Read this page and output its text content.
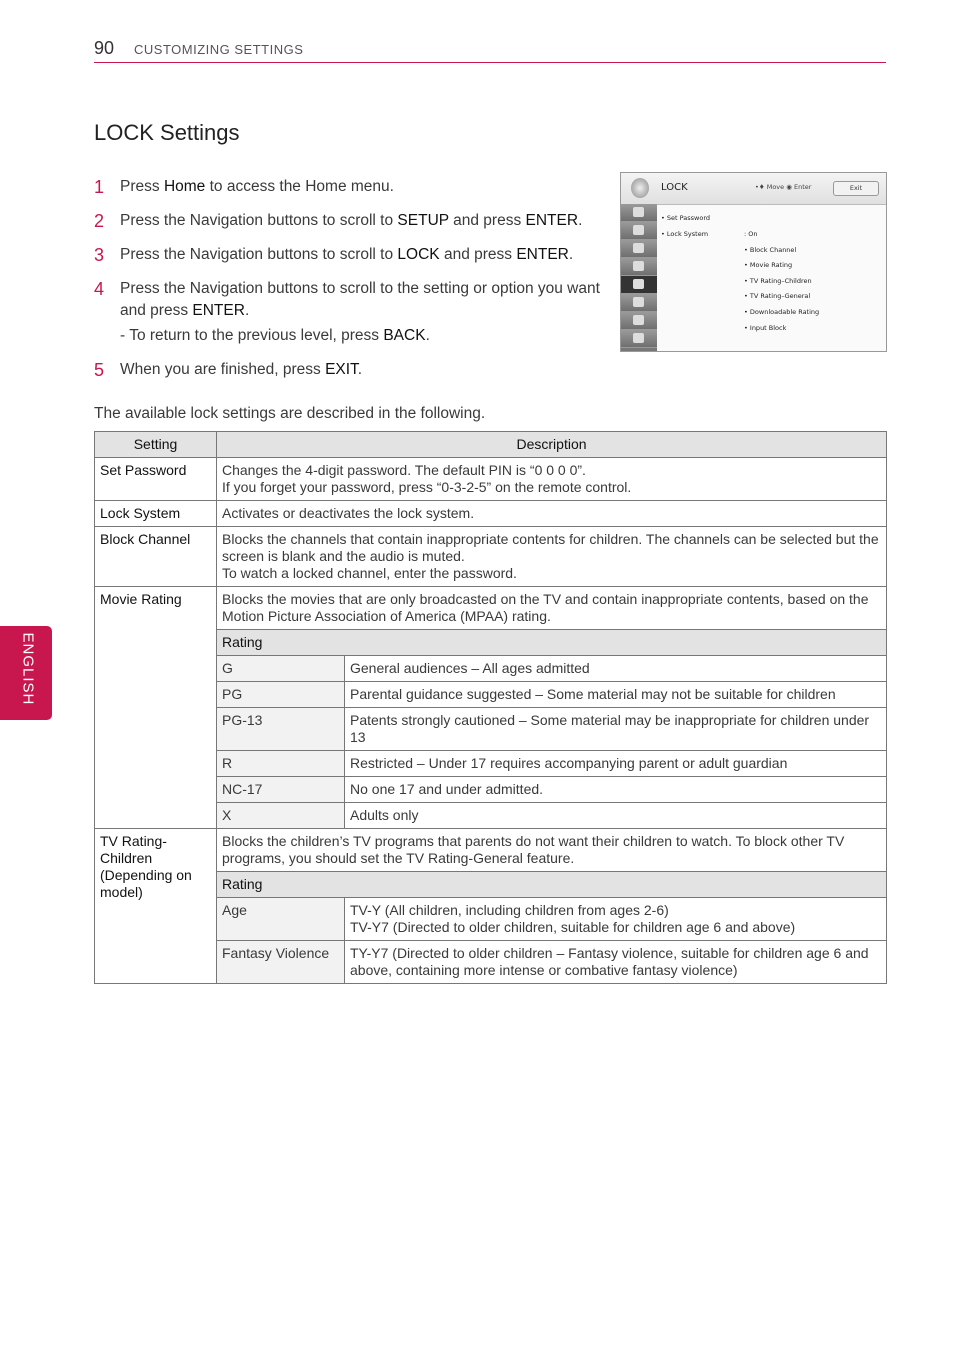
90 CUSTOMIZING SETTINGS
LOCK Settings
1 Press Home to access the Home menu.
2 Press the Navigation buttons to scroll to SETUP and press ENTER.
3 Press the Navigation buttons to scroll to LOCK and press ENTER.
4 Press the Navigation buttons to scroll to the setting or option you want and press ENTER.
- To return to the previous level, press BACK.
5 When you are finished, press EXIT.
LOCK	•♦ Move ◉ Enter	Exit
• Set Password
• Lock System	: On
• Block Channel
• Movie Rating
• TV Rating–Children
• TV Rating–General
• Downloadable Rating
• Input Block
The available lock settings are described in the following.
Setting	Description	
Set Password	Changes the 4-digit password. The default PIN is “0 0 0 0”.
If you forget your password, press “0-3-2-5” on the remote control.	

Lock System	Activates or deactivates the lock system.	
Block Channel	Blocks the channels that contain inappropriate contents for children. The channels can be selected but the screen is blank and the audio is muted.
To watch a locked channel, enter the password.	

Movie Rating	Blocks the movies that are only broadcasted on the TV and contain inappropriate contents, based on the Motion Picture Association of America (MPAA) rating.	
	Rating	
	G	General audiences – All ages admitted
	PG	Parental guidance suggested – Some material may not be suitable for children
	PG-13	Patents strongly cautioned – Some material may be inappropriate for children under 13
	R	Restricted – Under 17 requires accompanying parent or adult guardian
	NC-17	No one 17 and under admitted.
	X	Adults only
TV Rating-Children (Depending on model)	Blocks the children’s TV programs that parents do not want their children to watch. To block other TV programs, you should set the TV Rating-General feature.	
	Rating	
	Age	TV-Y (All children, including children from ages 2-6)
TV-Y7 (Directed to older children, suitable for children age 6 and above)

	Fantasy Violence	TY-Y7 (Directed to older children – Fantasy violence, suitable for children age 6 and above, containing more intense or combative fantasy violence)
ENGLISH
